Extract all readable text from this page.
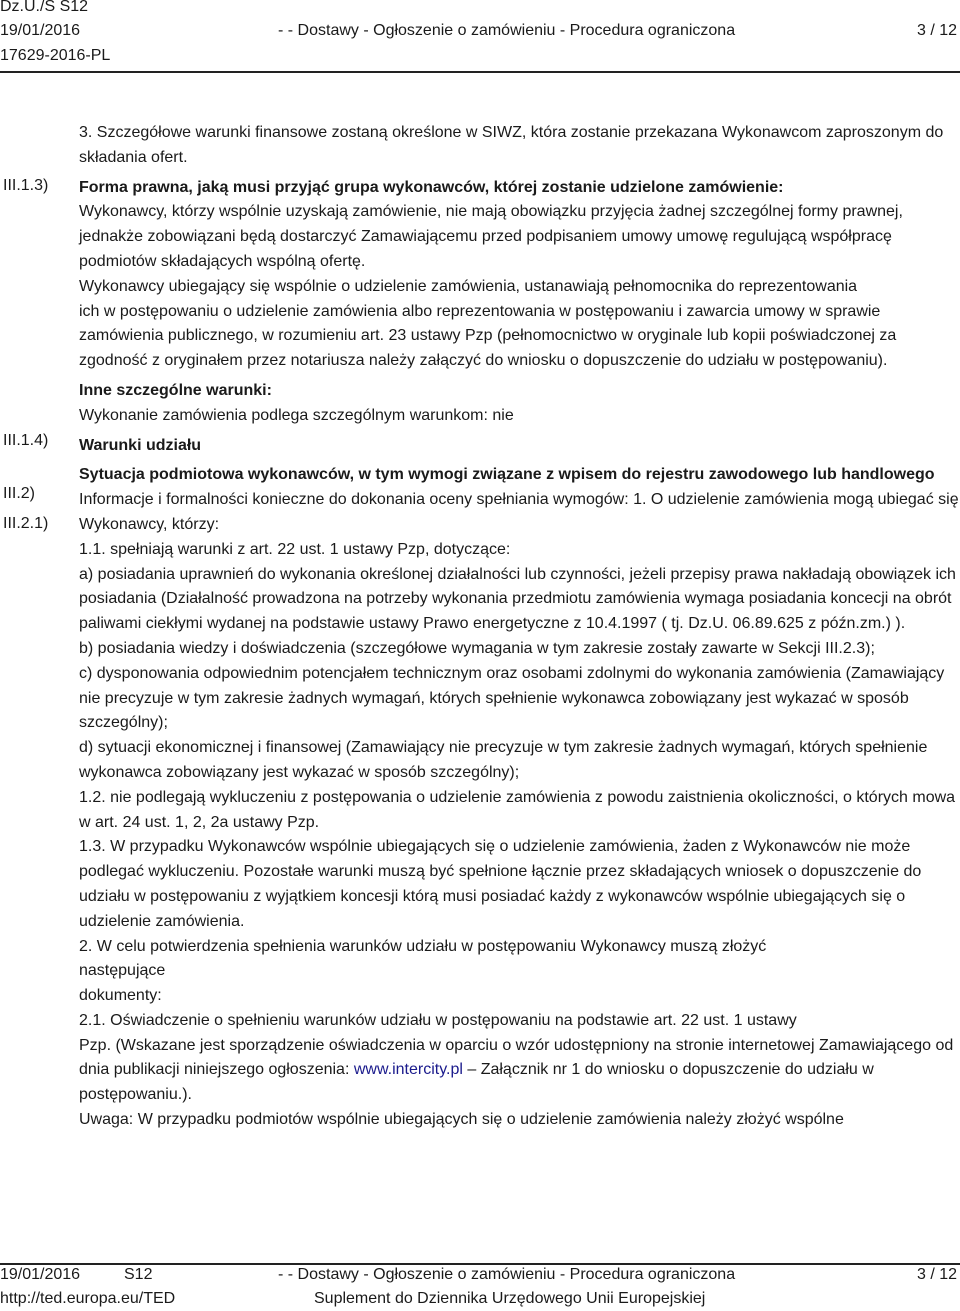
Dz.U./S S12
19/01/2016
17629-2016-PL
- - Dostawy - Ogłoszenie o zamówieniu - Procedura ograniczona	3 / 12
III.1.3)
III.1.4)
III.2)
III.2.1)

3. Szczegółowe warunki finansowe zostaną określone w SIWZ, która zostanie przekazana Wykonawcom zaproszonym do składania ofert.

Forma prawna, jaką musi przyjąć grupa wykonawców, której zostanie udzielone zamówienie:

Wykonawcy, którzy wspólnie uzyskają zamówienie, nie mają obowiązku przyjęcia żadnej szczególnej formy prawnej, jednakże zobowiązani będą dostarczyć Zamawiającemu przed podpisaniem umowy umowę regulującą współpracę podmiotów składających wspólną ofertę.

Wykonawcy ubiegający się wspólnie o udzielenie zamówienia, ustanawiają pełnomocnika do reprezentowania

ich w postępowaniu o udzielenie zamówienia albo reprezentowania w postępowaniu i zawarcia umowy w sprawie zamówienia publicznego, w rozumieniu art. 23 ustawy Pzp (pełnomocnictwo w oryginale lub kopii poświadczonej za zgodność z oryginałem przez notariusza należy załączyć do wniosku o dopuszczenie do udziału w postępowaniu).

Inne szczególne warunki:

Wykonanie zamówienia podlega szczególnym warunkom: nie

Warunki udziału

Sytuacja podmiotowa wykonawców, w tym wymogi związane z wpisem do rejestru zawodowego lub handlowego

Informacje i formalności konieczne do dokonania oceny spełniania wymogów: 1. O udzielenie zamówienia mogą ubiegać się Wykonawcy, którzy:

1.1. spełniają warunki z art. 22 ust. 1 ustawy Pzp, dotyczące:

a) posiadania uprawnień do wykonania określonej działalności lub czynności, jeżeli przepisy prawa nakładają obowiązek ich posiadania (Działalność prowadzona na potrzeby wykonania przedmiotu zamówienia wymaga posiadania koncecji na obrót paliwami ciekłymi wydanej na podstawie ustawy Prawo energetyczne z 10.4.1997 ( tj. Dz.U. 06.89.625 z późn.zm.) ).

b) posiadania wiedzy i doświadczenia (szczegółowe wymagania w tym zakresie zostały zawarte w Sekcji III.2.3);

c) dysponowania odpowiednim potencjałem technicznym oraz osobami zdolnymi do wykonania zamówienia (Zamawiający nie precyzuje w tym zakresie żadnych wymagań, których spełnienie wykonawca zobowiązany jest wykazać w sposób szczególny);

d) sytuacji ekonomicznej i finansowej (Zamawiający nie precyzuje w tym zakresie żadnych wymagań, których spełnienie wykonawca zobowiązany jest wykazać w sposób szczególny);

1.2. nie podlegają wykluczeniu z postępowania o udzielenie zamówienia z powodu zaistnienia okoliczności, o których mowa w art. 24 ust. 1, 2, 2a ustawy Pzp.

1.3. W przypadku Wykonawców wspólnie ubiegających się o udzielenie zamówienia, żaden z Wykonawców nie może podlegać wykluczeniu. Pozostałe warunki muszą być spełnione łącznie przez składających wniosek o dopuszczenie do udziału w postępowaniu z wyjątkiem koncesji którą musi posiadać każdy z wykonawców wspólnie ubiegających się o udzielenie zamówienia.

2. W celu potwierdzenia spełnienia warunków udziału w postępowaniu Wykonawcy muszą złożyć

następujące

dokumenty:

2.1. Oświadczenie o spełnieniu warunków udziału w postępowaniu na podstawie art. 22 ust. 1 ustawy

Pzp. (Wskazane jest sporządzenie oświadczenia w oparciu o wzór udostępniony na stronie internetowej Zamawiającego od dnia publikacji niniejszego ogłoszenia: www.intercity.pl – Załącznik nr 1 do wniosku o dopuszczenie do udziału w postępowaniu.).

Uwaga: W przypadku podmiotów wspólnie ubiegających się o udzielenie zamówienia należy złożyć wspólne

19/01/2016	S12
http://ted.europa.eu/TED
- - Dostawy - Ogłoszenie o zamówieniu - Procedura ograniczona
Suplement do Dziennika Urzędowego Unii Europejskiej
3 / 12
